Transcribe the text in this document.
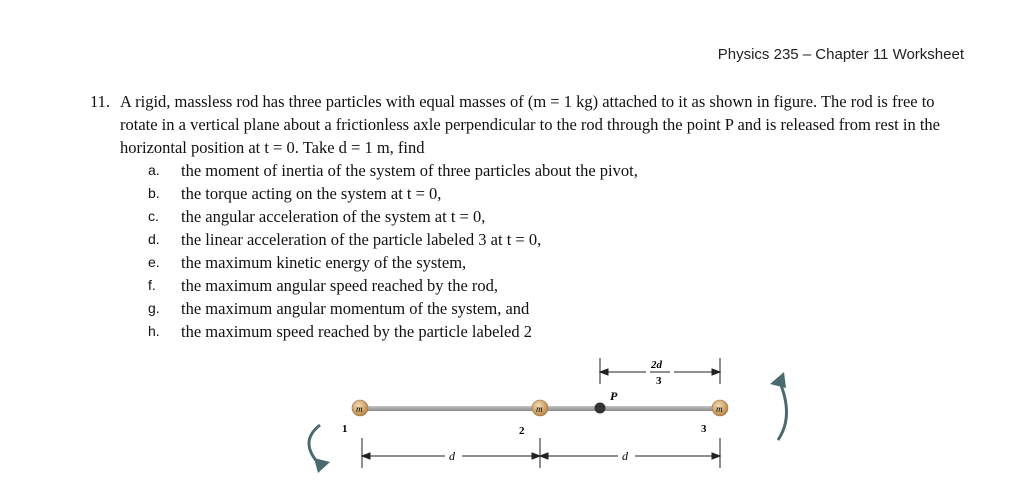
Physics 235 – Chapter 11 Worksheet
11. A rigid, massless rod has three particles with equal masses of (m = 1 kg) attached to it as shown in figure. The rod is free to rotate in a vertical plane about a frictionless axle perpendicular to the rod through the point P and is released from rest in the horizontal position at t = 0. Take d = 1 m, find
a.	the moment of inertia of the system of three particles about the pivot,
b.	the torque acting on the system at t = 0,
c.	the angular acceleration of the system at t = 0,
d.	the linear acceleration of the particle labeled 3 at t = 0,
e.	the maximum kinetic energy of the system,
f.	the maximum angular speed reached by the rod,
g.	the maximum angular momentum of the system, and
h.	the maximum speed reached by the particle labeled 2
P
m	m	m
1	2	3
d	d
2d
3
